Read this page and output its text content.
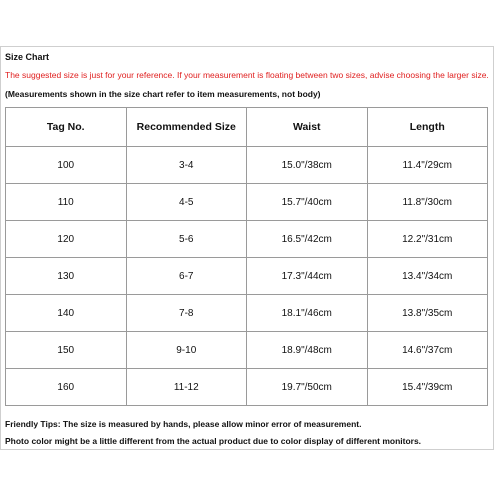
Size Chart
The suggested size is just for your reference. If your measurement is floating between two sizes, advise choosing the larger size.
(Measurements shown in the size chart refer to item measurements, not body)
Tag No.	Recommended Size	Waist	Length
100	3-4	15.0"/38cm	11.4"/29cm
110	4-5	15.7"/40cm	11.8"/30cm
120	5-6	16.5"/42cm	12.2"/31cm
130	6-7	17.3"/44cm	13.4"/34cm
140	7-8	18.1"/46cm	13.8"/35cm
150	9-10	18.9"/48cm	14.6"/37cm
160	11-12	19.7"/50cm	15.4"/39cm
Friendly Tips: The size is measured by hands, please allow minor error of measurement.
Photo color might be a little different from the actual product due to color display of different monitors.
